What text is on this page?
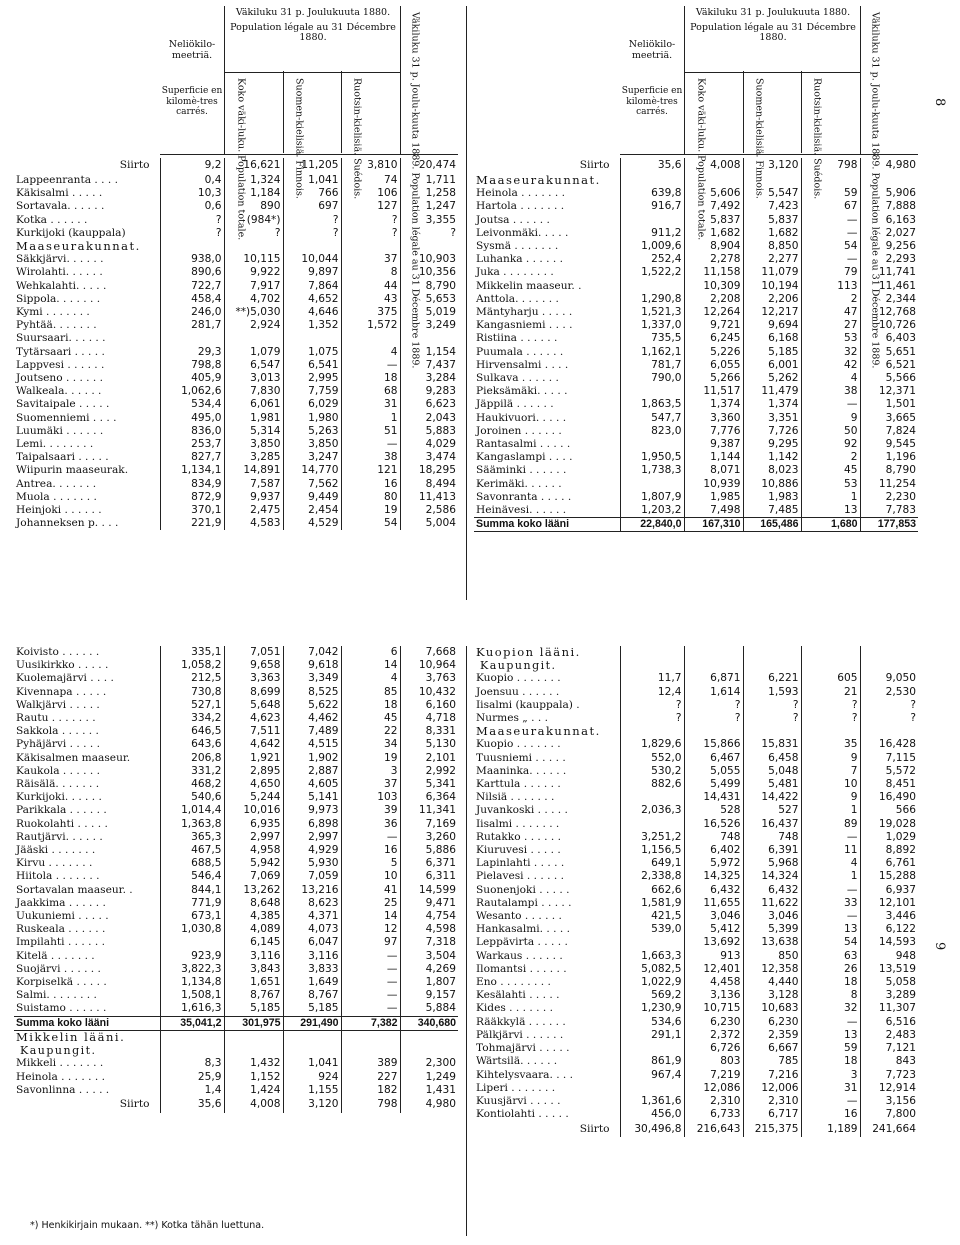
Neliökilo-meetriä.
Superficie en kilomè-tres carrés.
Väkiluku 31 p. Joulukuuta 1880.
Population légale au 31 Décembre 1880.
Koko väki-luku. Population totale.	Suomen-kielisiä. Finnois.	Ruotsin-kielisiä. Suédois.	Väkiluku 31 p. Joulu-kuuta 1889. Population légale au 31 Décembre 1889.	Neliökilo-meetriä.
Superficie en kilomè-tres carrés.
Väkiluku 31 p. Joulukuuta 1880.
Population légale au 31 Décembre 1880.
Koko väki-luku. Population totale.	Suomen-kielisiä. Finnois.	Ruotsin-kielisiä. Suédois.	Väkiluku 31 p. Joulu-kuuta 1889. Population légale au 31 Décembre 1889.	8
Siirto	9,2	16,621	11,205	3,810	20,474
Lappeenranta . . . .	0,4	1,324	1,041	74	1,711
Käkisalmi . . . . .	10,3	1,184	766	106	1,258
Sortavala. . . . . .	0,6	890	697	127	1,247
Kotka . . . . . .	?	(984*)	?	?	3,355
Kurkijoki (kauppala)	?	?	?	?	?
Maaseurakunnat.					
Säkkjärvi. . . . . .	938,0	10,115	10,044	37	10,903
Wirolahti. . . . . .	890,6	9,922	9,897	8	10,356
Wehkalahti. . . . .	722,7	7,917	7,864	44	8,790
Sippola. . . . . . .	458,4	4,702	4,652	43	5,653
Kymi . . . . . . .	246,0	**)5,030	4,646	375	5,019
Pyhtää. . . . . . .	281,7	2,924	1,352	1,572	3,249
Suursaari. . . . . .					
Tytärsaari . . . . .	29,3	1,079	1,075	4	1,154
Lappvesi . . . . . .	798,8	6,547	6,541	—	7,437
Joutseno . . . . . .	405,9	3,013	2,995	18	3,284
Walkeala. . . . . .	1,062,6	7,830	7,759	68	9,283
Savitaipale . . . . .	534,4	6,061	6,029	31	6,623
Suomenniemi . . . .	495,0	1,981	1,980	1	2,043
Luumäki . . . . . .	836,0	5,314	5,263	51	5,883
Lemi. . . . . . . .	253,7	3,850	3,850	—	4,029
Taipalsaari . . . . .	827,7	3,285	3,247	38	3,474
Wiipurin maaseurak.	1,134,1	14,891	14,770	121	18,295
Antrea. . . . . . .	834,9	7,587	7,562	16	8,494
Muola . . . . . . .	872,9	9,937	9,449	80	11,413
Heinjoki . . . . . .	370,1	2,475	2,454	19	2,586
Johanneksen p. . . .	221,9	4,583	4,529	54	5,004
Siirto	35,6	4,008	3,120	798	4,980
Maaseurakunnat.					
Heinola . . . . . . .	639,8	5,606	5,547	59	5,906
Hartola . . . . . . .	916,7	7,492	7,423	67	7,888
Joutsa . . . . . .		5,837	5,837	—	6,163
Leivonmäki. . . . .	911,2	1,682	1,682	—	2,027
Sysmä . . . . . . .	1,009,6	8,904	8,850	54	9,256
Luhanka . . . . . .	252,4	2,278	2,277	—	2,293
Juka . . . . . . . .	1,522,2	11,158	11,079	79	11,741
Mikkelin maaseur. .		10,309	10,194	113	11,461
Anttola. . . . . . .	1,290,8	2,208	2,206	2	2,344
Mäntyharju . . . . .	1,521,3	12,264	12,217	47	12,768
Kangasniemi . . . .	1,337,0	9,721	9,694	27	10,726
Ristiina . . . . . .	735,5	6,245	6,168	53	6,403
Puumala . . . . . .	1,162,1	5,226	5,185	32	5,651
Hirvensalmi . . . .	781,7	6,055	6,001	42	6,521
Sulkava . . . . . .	790,0	5,266	5,262	4	5,566
Pieksämäki. . . . .		11,517	11,479	38	12,371
Jäppilä . . . . . .	1,863,5	1,374	1,374	—	1,501
Haukivuori. . . . .	547,7	3,360	3,351	9	3,665
Joroinen . . . . . .	823,0	7,776	7,726	50	7,824
Rantasalmi . . . . .		9,387	9,295	92	9,545
Kangaslampi . . . .	1,950,5	1,144	1,142	2	1,196
Sääminki . . . . . .	1,738,3	8,071	8,023	45	8,790
Kerimäki. . . . . .		10,939	10,886	53	11,254
Savonranta . . . . .	1,807,9	1,985	1,983	1	2,230
Heinävesi. . . . . .	1,203,2	7,498	7,485	13	7,783
Summa koko lääni	22,840,0	167,310	165,486	1,680	177,853
Koivisto . . . . . .	335,1	7,051	7,042	6	7,668
Uusikirkko . . . . .	1,058,2	9,658	9,618	14	10,964
Kuolemajärvi . . . .	212,5	3,363	3,349	4	3,763
Kivennapa . . . . .	730,8	8,699	8,525	85	10,432
Walkjärvi . . . . .	527,1	5,648	5,622	18	6,160
Rautu . . . . . . .	334,2	4,623	4,462	45	4,718
Sakkola . . . . . .	646,5	7,511	7,489	22	8,331
Pyhäjärvi . . . . .	643,6	4,642	4,515	34	5,130
Käkisalmen maaseur.	206,8	1,921	1,902	19	2,101
Kaukola . . . . . .	331,2	2,895	2,887	3	2,992
Räisälä. . . . . . .	468,2	4,650	4,605	37	5,341
Kurkijoki. . . . . .	540,6	5,244	5,141	103	6,364
Parikkala . . . . . .	1,014,4	10,016	9,973	39	11,341
Ruokolahti . . . . .	1,363,8	6,935	6,898	36	7,169
Rautjärvi. . . . . .	365,3	2,997	2,997	—	3,260
Jääski . . . . . . .	467,5	4,958	4,929	16	5,886
Kirvu . . . . . . .	688,5	5,942	5,930	5	6,371
Hiitola . . . . . . .	546,4	7,069	7,059	10	6,311
Sortavalan maaseur. .	844,1	13,262	13,216	41	14,599
Jaakkima . . . . . .	771,9	8,648	8,623	25	9,471
Uukuniemi . . . . .	673,1	4,385	4,371	14	4,754
Ruskeala . . . . . .	1,030,8	4,089	4,073	12	4,598
Impilahti . . . . . .		6,145	6,047	97	7,318
Kitelä . . . . . . .	923,9	3,116	3,116	—	3,504
Suojärvi . . . . . .	3,822,3	3,843	3,833	—	4,269
Korpiselkä . . . . .	1,134,8	1,651	1,649	—	1,807
Salmi. . . . . . . .	1,508,1	8,767	8,767	—	9,157
Suistamo . . . . . .	1,616,3	5,185	5,185	—	5,884
Summa koko lääni	35,041,2	301,975	291,490	7,382	340,680
Mikkelin lääni.					
Kaupungit.					
Mikkeli . . . . . . .	8,3	1,432	1,041	389	2,300
Heinola . . . . . . .	25,9	1,152	924	227	1,249
Savonlinna . . . . .	1,4	1,424	1,155	182	1,431
Siirto	35,6	4,008	3,120	798	4,980
Kuopion lääni.					
Kaupungit.					
Kuopio . . . . . . .	11,7	6,871	6,221	605	9,050
Joensuu . . . . . .	12,4	1,614	1,593	21	2,530
Iisalmi (kauppala) .	?	?	?	?	?
Nurmes „ . . .	?	?	?	?	?
Maaseurakunnat.					
Kuopio . . . . . . .	1,829,6	15,866	15,831	35	16,428
Tuusniemi . . . . .	552,0	6,467	6,458	9	7,115
Maaninka. . . . . .	530,2	5,055	5,048	7	5,572
Karttula . . . . . .	882,6	5,499	5,481	10	8,451
Nilsiä . . . . . . .		14,431	14,422	9	16,490
Juvankoski . . . . .	2,036,3	528	527	1	566
Iisalmi . . . . . . .		16,526	16,437	89	19,028
Rutakko . . . . . .	3,251,2	748	748	—	1,029
Kiuruvesi . . . . .	1,156,5	6,402	6,391	11	8,892
Lapinlahti . . . . .	649,1	5,972	5,968	4	6,761
Pielavesi . . . . . .	2,338,8	14,325	14,324	1	15,288
Suonenjoki . . . . .	662,6	6,432	6,432	—	6,937
Rautalampi . . . . .	1,581,9	11,655	11,622	33	12,101
Wesanto . . . . . .	421,5	3,046	3,046	—	3,446
Hankasalmi. . . . .	539,0	5,412	5,399	13	6,122
Leppävirta . . . . .		13,692	13,638	54	14,593
Warkaus . . . . . .	1,663,3	913	850	63	948
Ilomantsi . . . . . .	5,082,5	12,401	12,358	26	13,519
Eno . . . . . . . .	1,022,9	4,458	4,440	18	5,058
Kesälahti . . . . .	569,2	3,136	3,128	8	3,289
Kides . . . . . . .	1,230,9	10,715	10,683	32	11,307
Rääkkylä . . . . . .	534,6	6,230	6,230	—	6,516
Pälkjärvi . . . . . .	291,1	2,372	2,359	13	2,483
Tohmajärvi . . . . .		6,726	6,667	59	7,121
Wärtsilä. . . . . .	861,9	803	785	18	843
Kihtelysvaara. . . .	967,4	7,219	7,216	3	7,723
Liperi . . . . . . .		12,086	12,006	31	12,914
Kuusjärvi . . . . .	1,361,6	2,310	2,310	—	3,156
Kontiolahti . . . . .	456,0	6,733	6,717	16	7,800
Siirto	30,496,8	216,643	215,375	1,189	241,664
*) Henkikirjain mukaan. **) Kotka tähän luettuna.
9
